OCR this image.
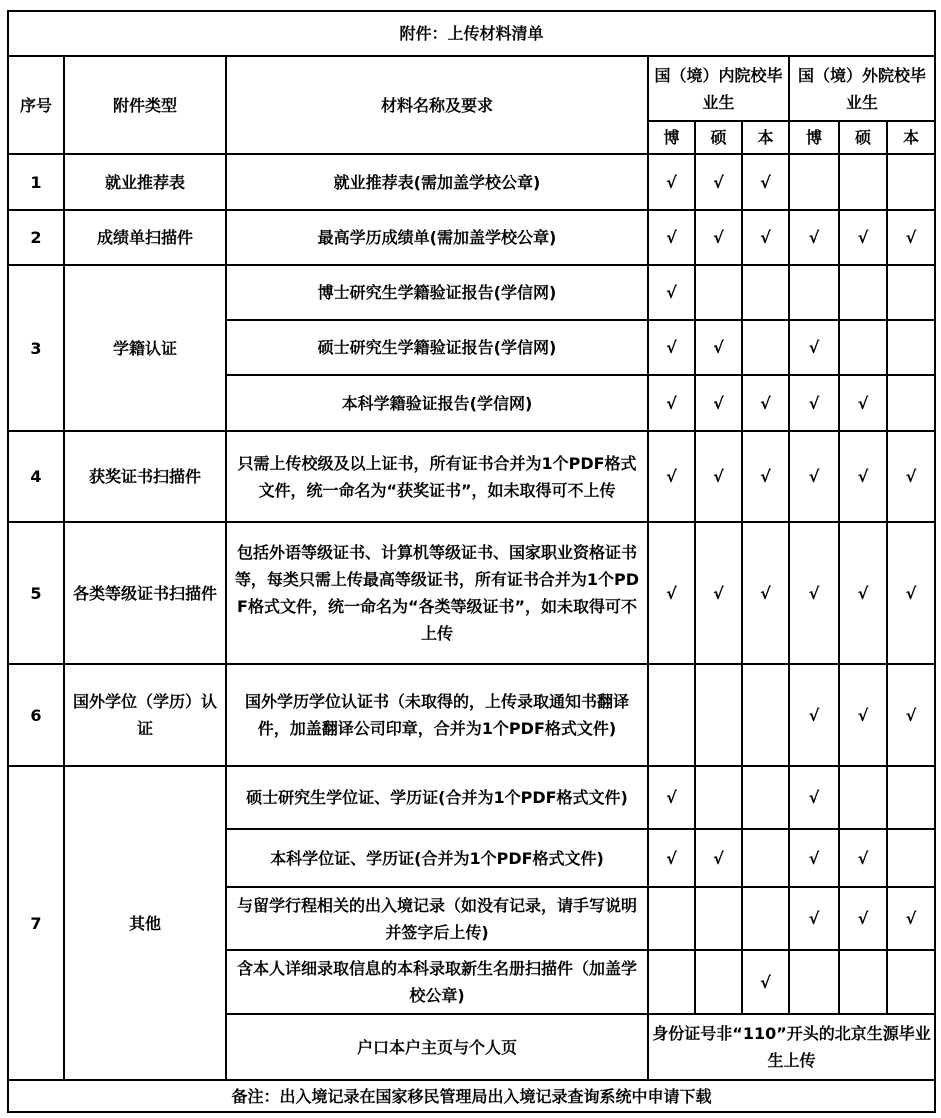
附件：上传材料清单								
序号	附件类型	材料名称及要求	国（境）内院校毕业生			国（境）外院校毕业生		
			博	硕	本	博	硕	本
1	就业推荐表	就业推荐表(需加盖学校公章)	√	√	√			
2	成绩单扫描件	最高学历成绩单(需加盖学校公章)	√	√	√	√	√	√
3	学籍认证	博士研究生学籍验证报告(学信网)	√					
		硕士研究生学籍验证报告(学信网)	√	√		√		
		本科学籍验证报告(学信网)	√	√	√	√	√	
4	获奖证书扫描件	只需上传校级及以上证书，所有证书合并为1个PDF格式文件，统一命名为“获奖证书”，如未取得可不上传	√	√	√	√	√	√
5	各类等级证书扫描件	包括外语等级证书、计算机等级证书、国家职业资格证书等，每类只需上传最高等级证书，所有证书合并为1个PDF格式文件，统一命名为“各类等级证书”，如未取得可不上传	√	√	√	√	√	√
6	国外学位（学历）认证	国外学历学位认证书（未取得的，上传录取通知书翻译件，加盖翻译公司印章，合并为1个PDF格式文件)				√	√	√
7	其他	硕士研究生学位证、学历证(合并为1个PDF格式文件)	√			√		
		本科学位证、学历证(合并为1个PDF格式文件)	√	√		√	√	
		与留学行程相关的出入境记录（如没有记录，请手写说明并签字后上传)				√	√	√
		含本人详细录取信息的本科录取新生名册扫描件（加盖学校公章)			√			
		户口本户主页与个人页	身份证号非“110”开头的北京生源毕业生上传					
备注：出入境记录在国家移民管理局出入境记录查询系统中申请下载								
